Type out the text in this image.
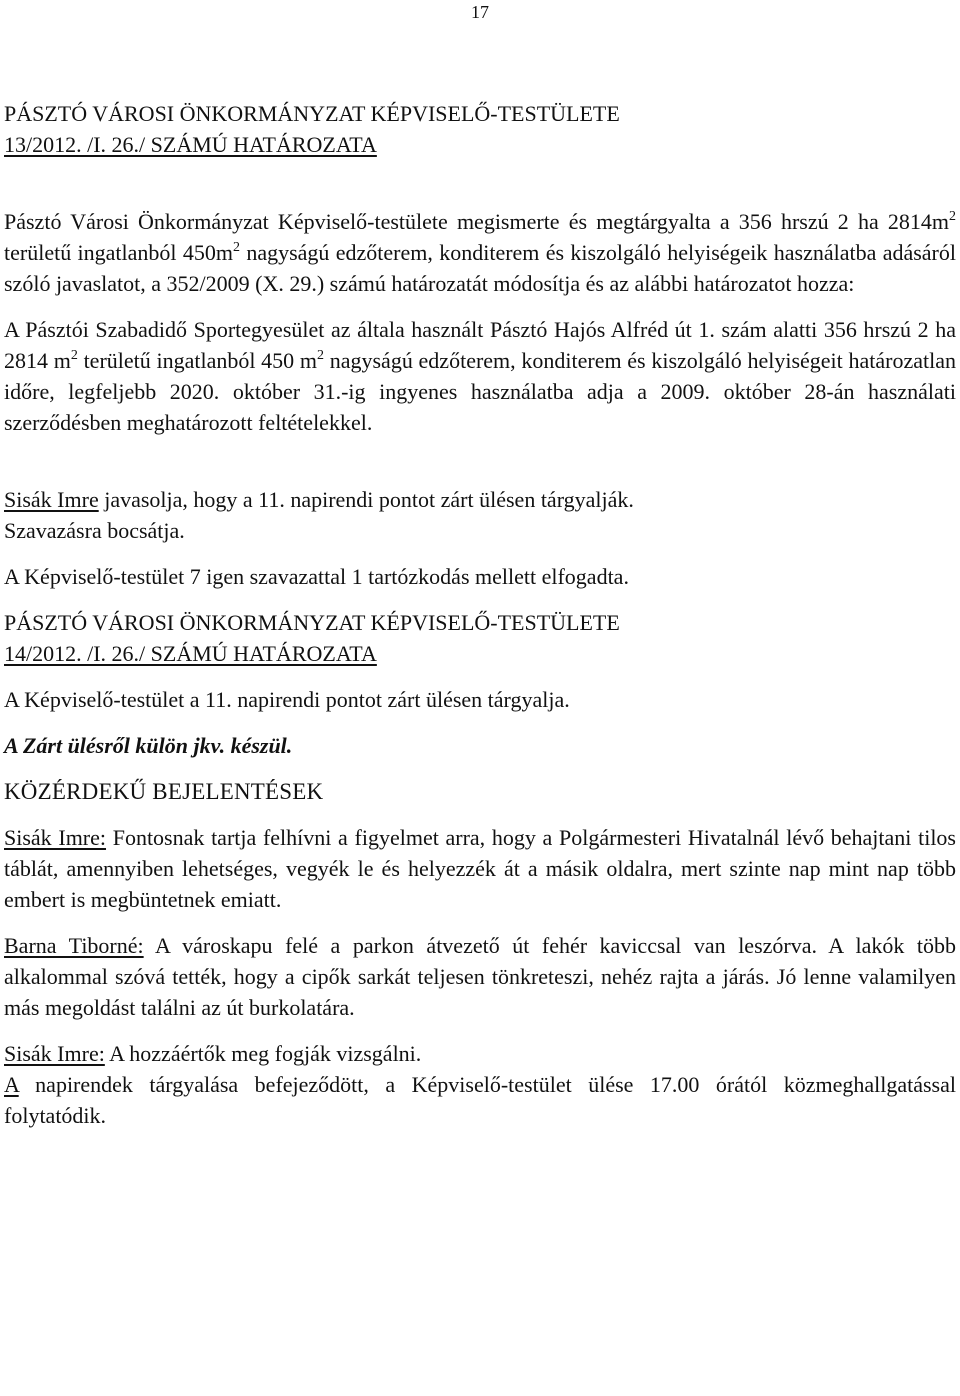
17

PÁSZTÓ VÁROSI ÖNKORMÁNYZAT KÉPVISELŐ-TESTÜLETE

13/2012. /I. 26./ SZÁMÚ HATÁROZATA

Pásztó Városi Önkormányzat Képviselő-testülete megismerte és megtárgyalta a 356 hrszú 2 ha $2814m^2$ területű ingatlanból $450m^2$ nagyságú edzőterem, konditerem és kiszolgáló helyiségeik használatba adásáról szóló javaslatot, a 352/2009 (X. 29.) számú határozatát módosítja és az alábbi határozatot hozza:

A Pásztói Szabadidő Sportegyesület az általa használt Pásztó Hajós Alfréd út 1. szám alatti 356 hrszú 2 ha 2814 $m^2$ területű ingatlanból 450 $m^2$ nagyságú edzőterem, konditerem és kiszolgáló helyiségeit határozatlan időre, legfeljebb 2020. október 31.-ig ingyenes használatba adja a 2009. október 28-án használati szerződésben meghatározott feltételekkel.

Sisák Imre javasolja, hogy a 11. napirendi pontot zárt ülésen tárgyalják.

Szavazásra bocsátja.

A Képviselő-testület 7 igen szavazattal 1 tartózkodás mellett elfogadta.

PÁSZTÓ VÁROSI ÖNKORMÁNYZAT KÉPVISELŐ-TESTÜLETE

14/2012. /I. 26./ SZÁMÚ HATÁROZATA

A Képviselő-testület a 11. napirendi pontot zárt ülésen tárgyalja.

A Zárt ülésről külön jkv. készül.

KÖZÉRDEKŰ BEJELENTÉSEK

Sisák Imre: Fontosnak tartja felhívni a figyelmet arra, hogy a Polgármesteri Hivatalnál lévő behajtani tilos táblát, amennyiben lehetséges, vegyék le és helyezzék át a másik oldalra, mert szinte nap mint nap több embert is megbüntetnek emiatt.

Barna Tiborné: A városkapu felé a parkon átvezető út fehér kaviccsal van leszórva. A lakók több alkalommal szóvá tették, hogy a cipők sarkát teljesen tönkreteszi, nehéz rajta a járás. Jó lenne valamilyen más megoldást találni az út burkolatára.

Sisák Imre: A hozzáértők meg fogják vizsgálni.

A napirendek tárgyalása befejeződött, a Képviselő-testület ülése 17.00 órától közmeghallgatással folytatódik.
